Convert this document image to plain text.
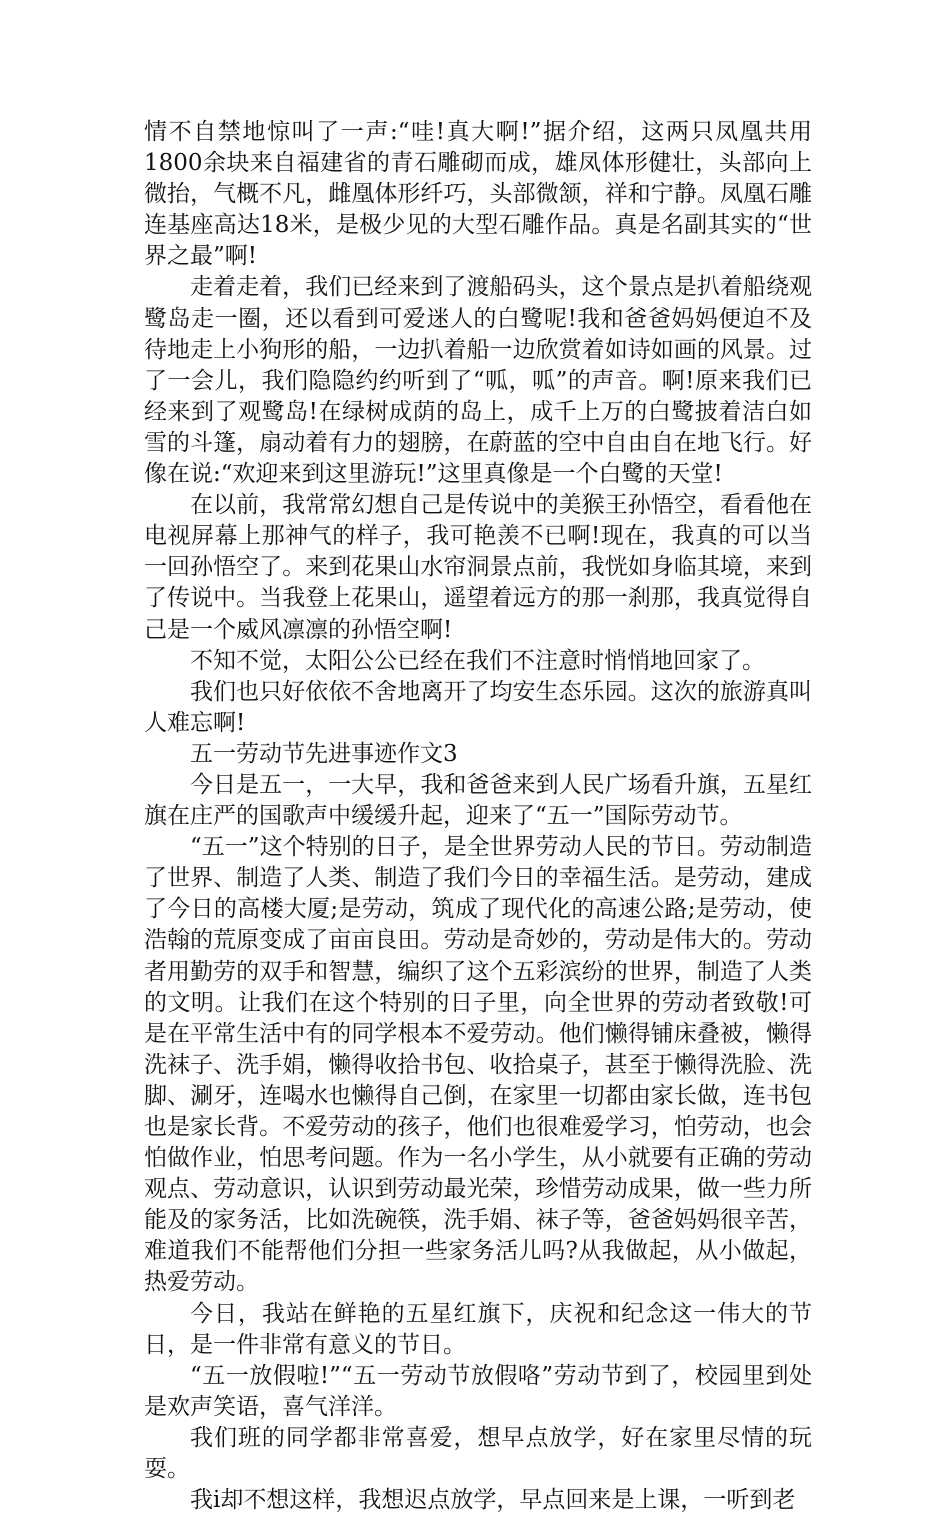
情不自禁地惊叫了一声:“哇!真大啊!”据介绍，这两只凤凰共用1800余块来自福建省的青石雕砌而成，雄凤体形健壮，头部向上微抬，气概不凡，雌凰体形纤巧，头部微颔，祥和宁静。凤凰石雕连基座高达18米，是极少见的大型石雕作品。真是名副其实的“世界之最”啊!

走着走着，我们已经来到了渡船码头，这个景点是扒着船绕观鹭岛走一圈，还以看到可爱迷人的白鹭呢!我和爸爸妈妈便迫不及待地走上小狗形的船，一边扒着船一边欣赏着如诗如画的风景。过了一会儿，我们隐隐约约听到了“呱，呱”的声音。啊!原来我们已经来到了观鹭岛!在绿树成荫的岛上，成千上万的白鹭披着洁白如雪的斗篷，扇动着有力的翅膀，在蔚蓝的空中自由自在地飞行。好像在说:“欢迎来到这里游玩!”这里真像是一个白鹭的天堂!

在以前，我常常幻想自己是传说中的美猴王孙悟空，看看他在电视屏幕上那神气的样子，我可艳羡不已啊!现在，我真的可以当一回孙悟空了。来到花果山水帘洞景点前，我恍如身临其境，来到了传说中。当我登上花果山，遥望着远方的那一刹那，我真觉得自己是一个威风凛凛的孙悟空啊!

不知不觉，太阳公公已经在我们不注意时悄悄地回家了。

我们也只好依依不舍地离开了均安生态乐园。这次的旅游真叫人难忘啊!

五一劳动节先进事迹作文3

今日是五一，一大早，我和爸爸来到人民广场看升旗，五星红旗在庄严的国歌声中缓缓升起，迎来了“五一”国际劳动节。

“五一”这个特别的日子，是全世界劳动人民的节日。劳动制造了世界、制造了人类、制造了我们今日的幸福生活。是劳动，建成了今日的高楼大厦;是劳动，筑成了现代化的高速公路;是劳动，使浩翰的荒原变成了亩亩良田。劳动是奇妙的，劳动是伟大的。劳动者用勤劳的双手和智慧，编织了这个五彩滨纷的世界，制造了人类的文明。让我们在这个特别的日子里，向全世界的劳动者致敬!可是在平常生活中有的同学根本不爱劳动。他们懒得铺床叠被，懒得洗袜子、洗手娟，懒得收拾书包、收拾桌子，甚至于懒得洗脸、洗脚、涮牙，连喝水也懒得自己倒，在家里一切都由家长做，连书包也是家长背。不爱劳动的孩子，他们也很难爱学习，怕劳动，也会怕做作业，怕思考问题。作为一名小学生，从小就要有正确的劳动观点、劳动意识，认识到劳动最光荣，珍惜劳动成果，做一些力所能及的家务活，比如洗碗筷，洗手娟、袜子等，爸爸妈妈很辛苦，难道我们不能帮他们分担一些家务活儿吗?从我做起，从小做起，热爱劳动。

今日，我站在鲜艳的五星红旗下，庆祝和纪念这一伟大的节日，是一件非常有意义的节日。

“五一放假啦!”“五一劳动节放假咯”劳动节到了，校园里到处是欢声笑语，喜气洋洋。

我们班的同学都非常喜爱，想早点放学，好在家里尽情的玩耍。

我i却不想这样，我想迟点放学，早点回来是上课，一听到老
